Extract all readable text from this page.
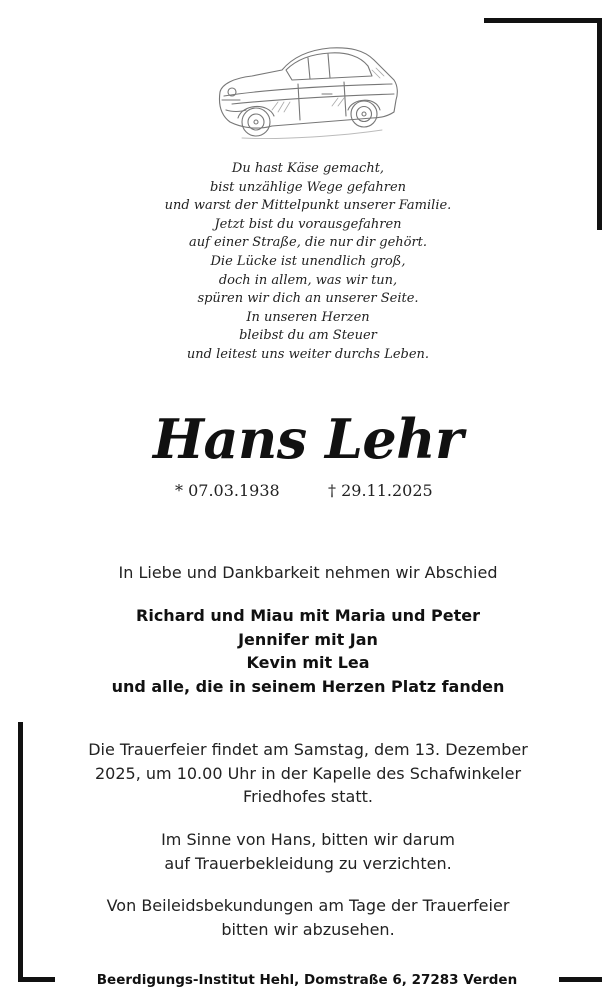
Du hast Käse gemacht,
bist unzählige Wege gefahren
und warst der Mittelpunkt unserer Familie.
Jetzt bist du vorausgefahren
auf einer Straße, die nur dir gehört.
Die Lücke ist unendlich groß,
doch in allem, was wir tun,
spüren wir dich an unserer Seite.
In unseren Herzen
bleibst du am Steuer
und leitest uns weiter durchs Leben.
Hans Lehr
* 07.03.1938	† 29.11.2025
In Liebe und Dankbarkeit nehmen wir Abschied
Richard und Miau mit Maria und Peter
Jennifer mit Jan
Kevin mit Lea
und alle, die in seinem Herzen Platz fanden
Die Trauerfeier findet am Samstag, dem 13. Dezember
2025, um 10.00 Uhr in der Kapelle des Schafwinkeler
Friedhofes statt.
Im Sinne von Hans, bitten wir darum
auf Trauerbekleidung zu verzichten.
Von Beileidsbekundungen am Tage der Trauerfeier
bitten wir abzusehen.
Beerdigungs-Institut Hehl, Domstraße 6, 27283 Verden
